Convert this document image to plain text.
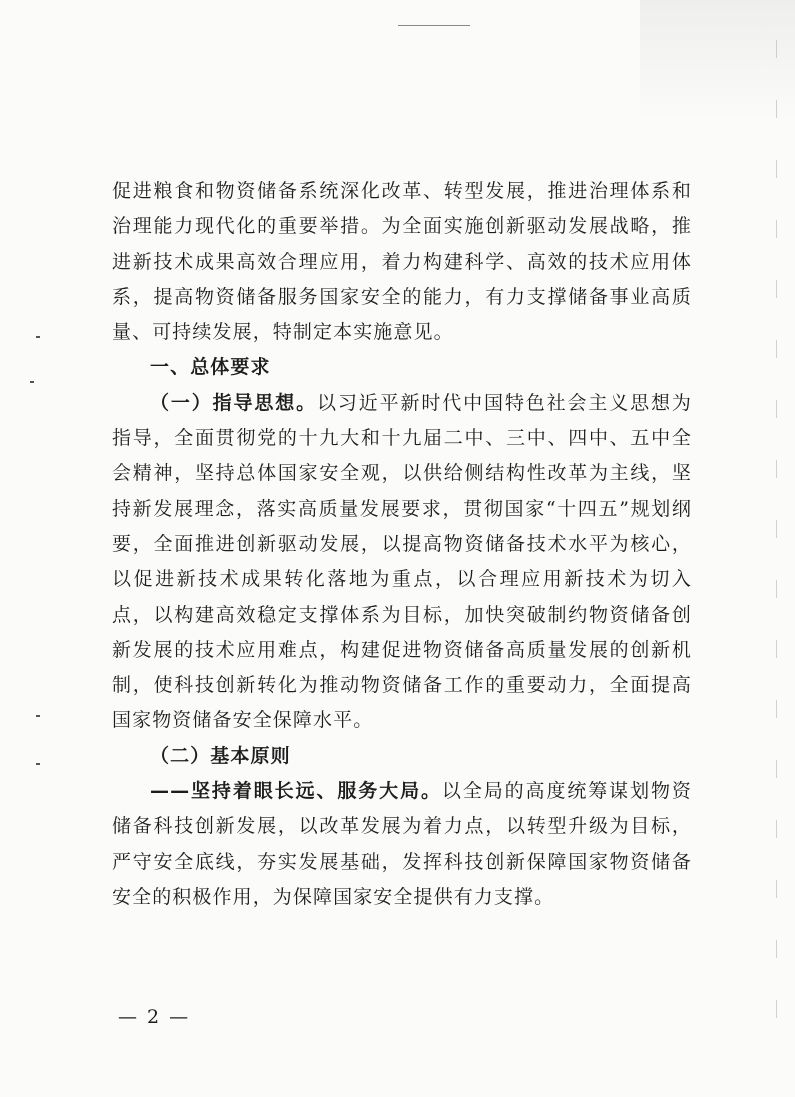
促进粮食和物资储备系统深化改革、转型发展，推进治理体系和治理能力现代化的重要举措。为全面实施创新驱动发展战略，推进新技术成果高效合理应用，着力构建科学、高效的技术应用体系，提高物资储备服务国家安全的能力，有力支撑储备事业高质量、可持续发展，特制定本实施意见。

一、总体要求

（一）指导思想。以习近平新时代中国特色社会主义思想为指导，全面贯彻党的十九大和十九届二中、三中、四中、五中全会精神，坚持总体国家安全观，以供给侧结构性改革为主线，坚持新发展理念，落实高质量发展要求，贯彻国家“十四五”规划纲要，全面推进创新驱动发展，以提高物资储备技术水平为核心，以促进新技术成果转化落地为重点，以合理应用新技术为切入点，以构建高效稳定支撑体系为目标，加快突破制约物资储备创新发展的技术应用难点，构建促进物资储备高质量发展的创新机制，使科技创新转化为推动物资储备工作的重要动力，全面提高国家物资储备安全保障水平。

（二）基本原则

——坚持着眼长远、服务大局。以全局的高度统筹谋划物资储备科技创新发展，以改革发展为着力点，以转型升级为目标，严守安全底线，夯实发展基础，发挥科技创新保障国家物资储备安全的积极作用，为保障国家安全提供有力支撑。

— 2 —
